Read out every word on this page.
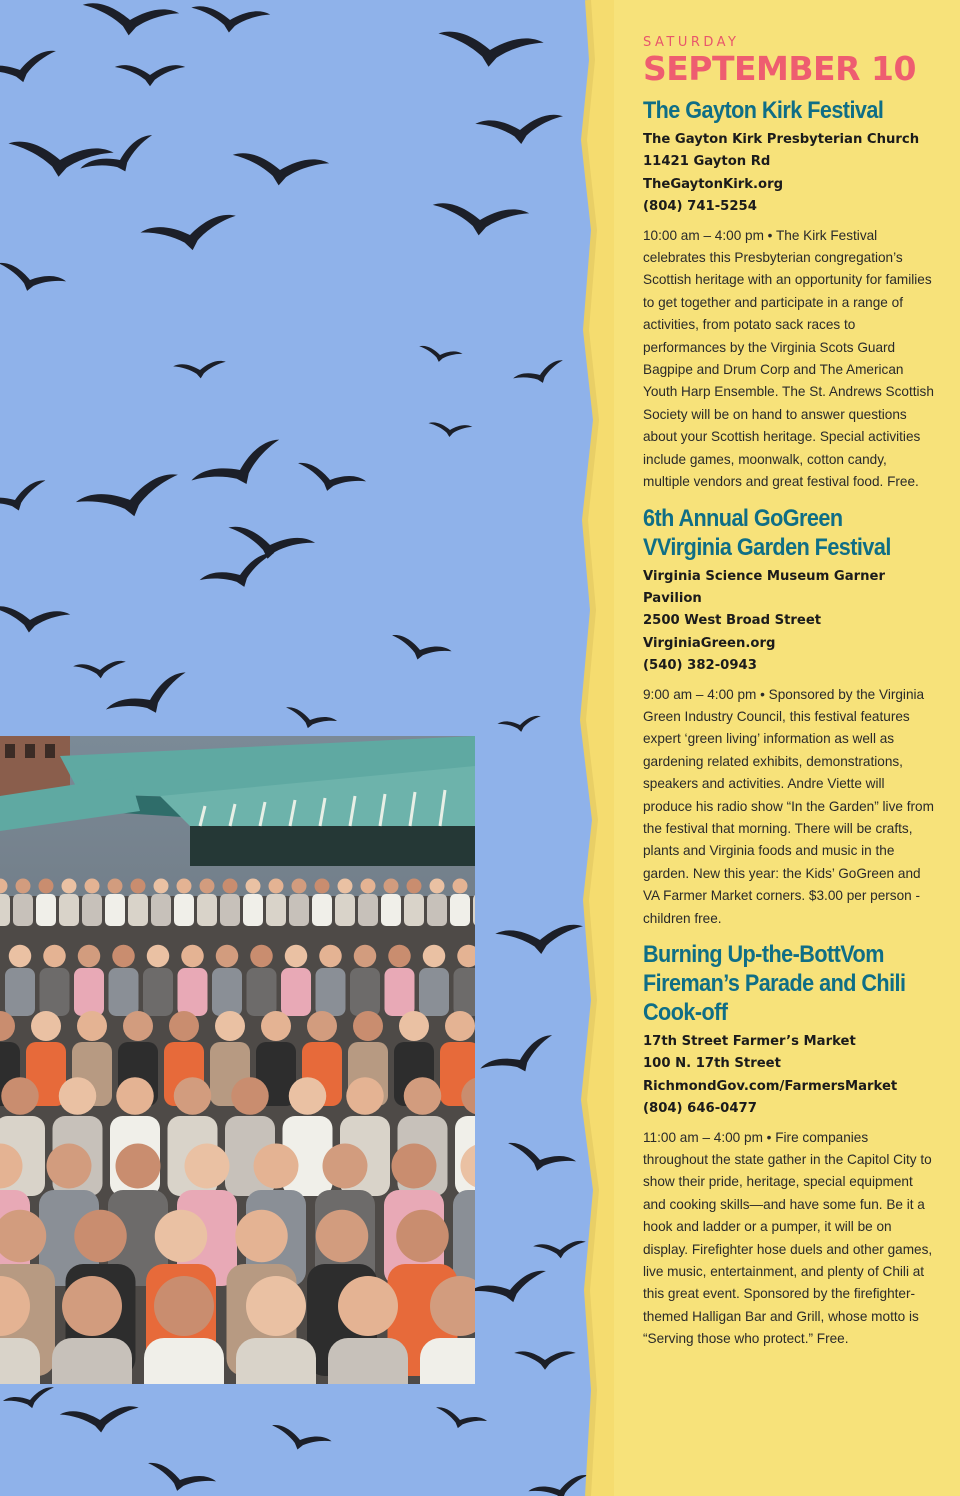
SATURDAY

SEPTEMBER 10

The Gayton Kirk Festival

The Gayton Kirk Presbyterian Church

11421 Gayton Rd

TheGaytonKirk.org

(804) 741-5254

10:00 am – 4:00 pm • The Kirk Festival celebrates this Presbyterian congregation’s Scottish heritage with an opportunity for families to get together and participate in a range of activities, from potato sack races to performances by the Virginia Scots Guard Bagpipe and Drum Corp and The American Youth Harp Ensemble. The St. Andrews Scottish Society will be on hand to answer questions about your Scottish heritage. Special activities include games, moonwalk, cotton candy, multiple vendors and great festival food. Free.

6th Annual GoGreen VVirginia Garden Festival

Virginia Science Museum Garner Pavilion

2500 West Broad Street

VirginiaGreen.org

(540) 382-0943

9:00 am – 4:00 pm • Sponsored by the Virginia Green Industry Council, this festival features expert ‘green living’ information as well as gardening related exhibits, demonstrations, speakers and activities. Andre Viette will produce his radio show “In the Garden” live from the festival that morning. There will be crafts, plants and Virginia foods and music in the garden. New this year: the Kids’ GoGreen and VA Farmer Market corners. $3.00 per person - children free.

Burning Up-the-BottVom Fireman’s Parade and Chili Cook-off

17th Street Farmer’s Market

100 N. 17th Street

RichmondGov.com/FarmersMarket

(804) 646-0477

11:00 am – 4:00 pm • Fire companies throughout the state gather in the Capitol City to show their pride, heritage, special equipment and cooking skills—and have some fun. Be it a hook and ladder or a pumper, it will be on display. Firefighter hose duels and other games, live music, entertainment, and plenty of Chili at this great event. Sponsored by the firefighter-themed Halligan Bar and Grill, whose motto is “Serving those who protect.” Free.
